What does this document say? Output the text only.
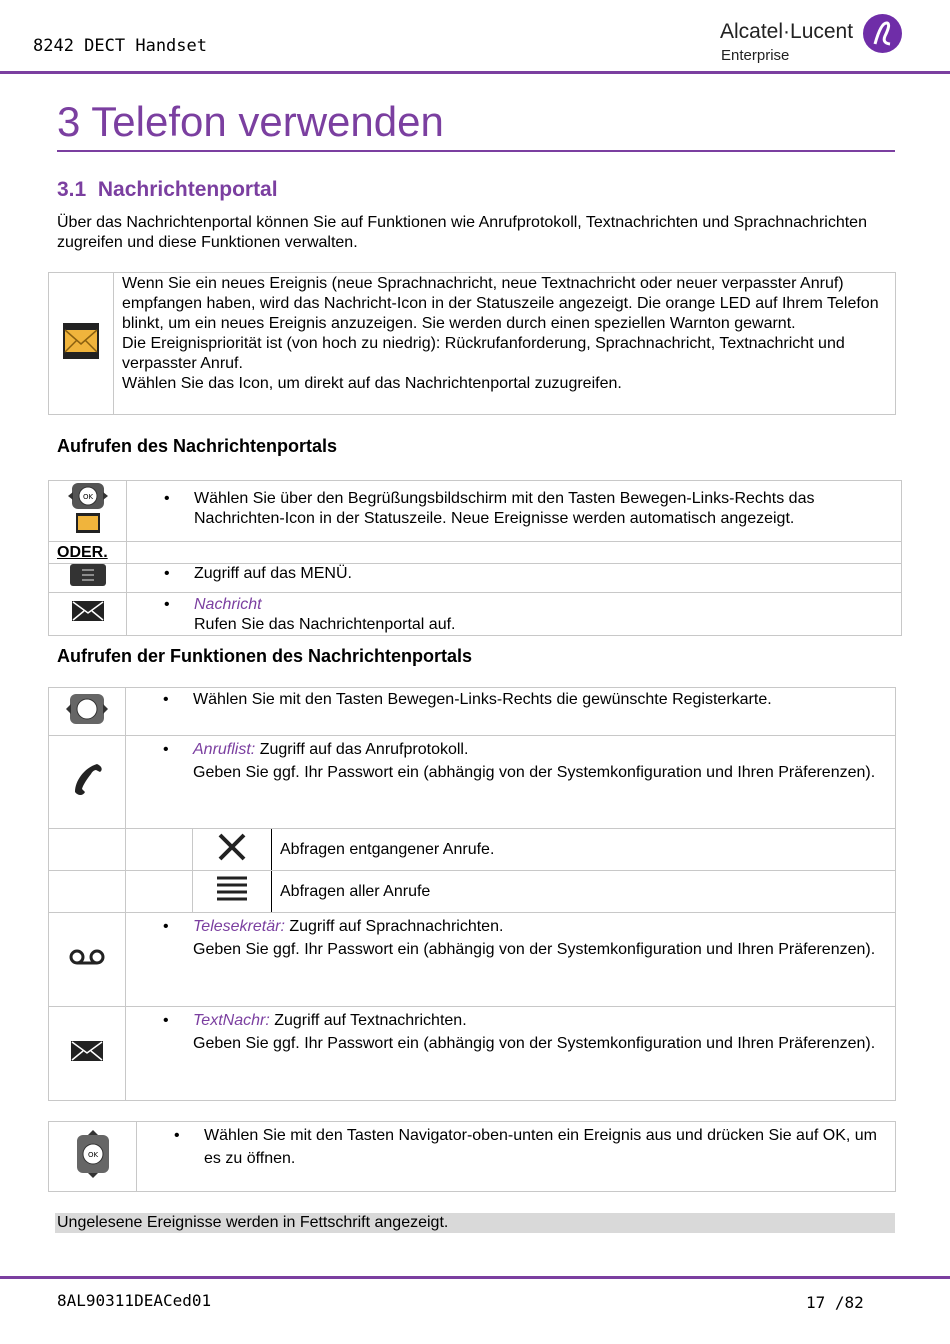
8242 DECT Handset
Alcatel·Lucent
Enterprise
3 Telefon verwenden
3.1 Nachrichtenportal
Über das Nachrichtenportal können Sie auf Funktionen wie Anrufprotokoll, Textnachrichten und Sprachnachrichten zugreifen und diese Funktionen verwalten.

Wenn Sie ein neues Ereignis (neue Sprachnachricht, neue Textnachricht oder neuer verpasster Anruf) empfangen haben, wird das Nachricht-Icon in der Statuszeile angezeigt. Die orange LED auf Ihrem Telefon blinkt, um ein neues Ereignis anzuzeigen. Sie werden durch einen speziellen Warnton gewarnt.
Die Ereignispriorität ist (von hoch zu niedrig): Rückrufanforderung, Sprachnachricht, Textnachricht und verpasster Anruf.
Wählen Sie das Icon, um direkt auf das Nachrichtenportal zuzugreifen.
Aufrufen des Nachrichtenportals
OK	• Wählen Sie über den Begrüßungsbildschirm mit den Tasten Bewegen-Links-Rechts das Nachrichten-Icon in der Statuszeile. Neue Ereignisse werden automatisch angezeigt.

ODER.	

• Zugriff auf das MENÜ.

• Nachricht
Rufen Sie das Nachrichtenportal auf.
Aufrufen der Funktionen des Nachrichtenportals

• Wählen Sie mit den Tasten Bewegen-Links-Rechts die gewünschte Registerkarte.

• Anruflist: Zugriff auf das Anrufprotokoll.
Geben Sie ggf. Ihr Passwort ein (abhängig von der Systemkonfiguration und Ihren Präferenzen).

			Abfragen entgangener Anrufe.
			Abfragen aller Anrufe

• Telesekretär: Zugriff auf Sprachnachrichten.
Geben Sie ggf. Ihr Passwort ein (abhängig von der Systemkonfiguration und Ihren Präferenzen).

• TextNachr: Zugriff auf Textnachrichten.
Geben Sie ggf. Ihr Passwort ein (abhängig von der Systemkonfiguration und Ihren Präferenzen).
OK

• Wählen Sie mit den Tasten Navigator-oben-unten ein Ereignis aus und drücken Sie auf OK, um es zu öffnen.
Ungelesene Ereignisse werden in Fettschrift angezeigt.
8AL90311DEACed01	17 /82
